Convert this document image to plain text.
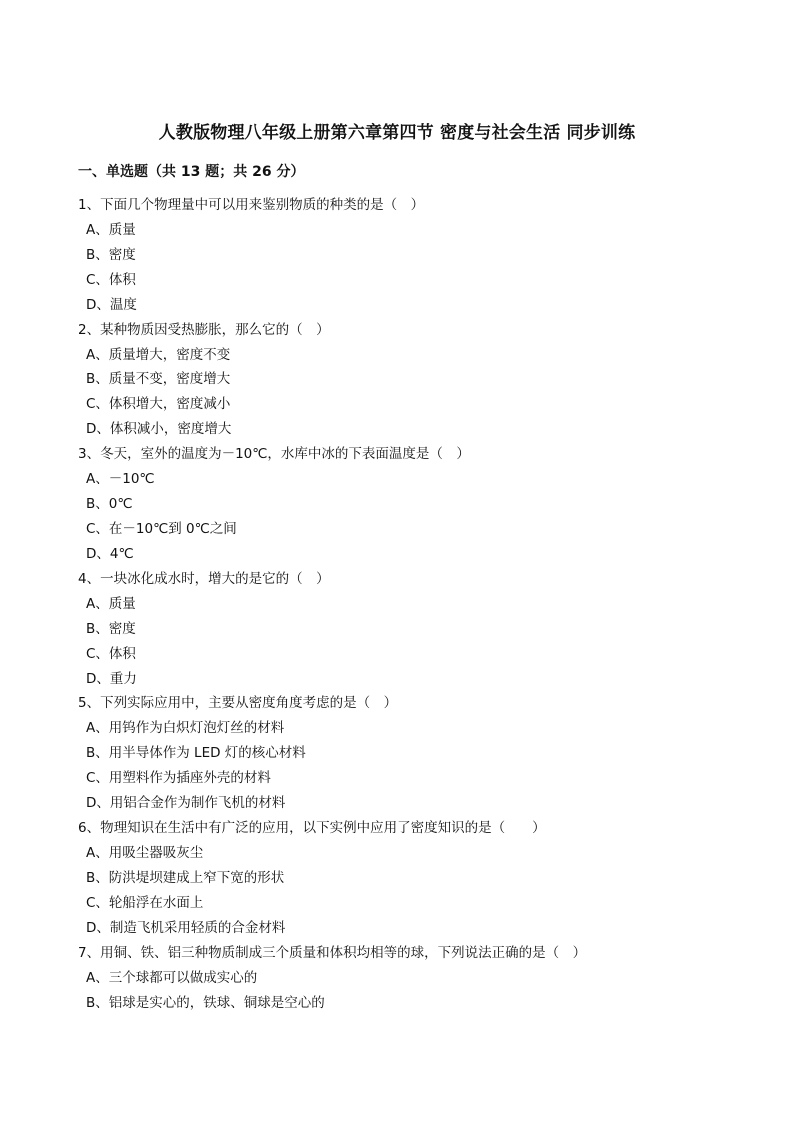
人教版物理八年级上册第六章第四节 密度与社会生活 同步训练
一、单选题（共 13 题；共 26 分）
1、下面几个物理量中可以用来鉴别物质的种类的是（　）
A、质量
B、密度
C、体积
D、温度
2、某种物质因受热膨胀，那么它的（　）
A、质量增大，密度不变
B、质量不变，密度增大
C、体积增大，密度减小
D、体积减小，密度增大
3、冬天，室外的温度为－10℃，水库中冰的下表面温度是（　）
A、－10℃
B、0℃
C、在－10℃到 0℃之间
D、4℃
4、一块冰化成水时，增大的是它的（　）
A、质量
B、密度
C、体积
D、重力
5、下列实际应用中，主要从密度角度考虑的是（　）
A、用钨作为白炽灯泡灯丝的材料
B、用半导体作为 LED 灯的核心材料
C、用塑料作为插座外壳的材料
D、用铝合金作为制作飞机的材料
6、物理知识在生活中有广泛的应用，以下实例中应用了密度知识的是（　　）
A、用吸尘器吸灰尘
B、防洪堤坝建成上窄下宽的形状
C、轮船浮在水面上
D、制造飞机采用轻质的合金材料
7、用铜、铁、铝三种物质制成三个质量和体积均相等的球，下列说法正确的是（　）
A、三个球都可以做成实心的
B、铝球是实心的，铁球、铜球是空心的
